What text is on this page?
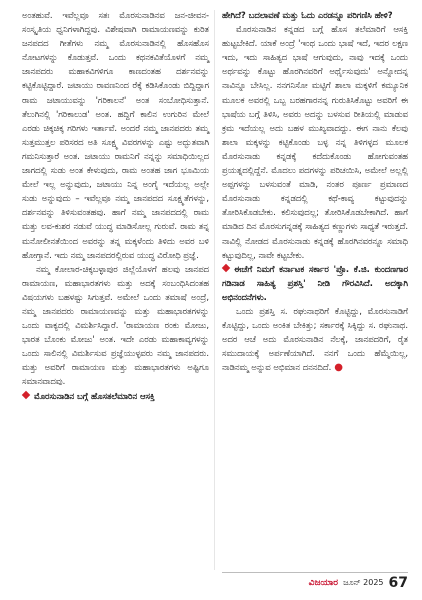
ಅಂತಹುವೆ. ಇವೆಲ್ಲವೂ ಸತಃ ಮೊರಸುನಾಡಿನವ ಜನ-ಜೀವನ-ಸಂಸ್ಕೃತಿಯ ಧ್ವನಿಗಳಾಗಿದ್ದವು. ವಿಶೇಷವಾಗಿ ರಾಮಾಯಣವನ್ನು ಕುರಿತ ಜನಪದದ ಗೀತೆಗಳು ನಮ್ಮ ಮೊರಸುನಾಡಿನಲ್ಲಿ ಹೊಸಹೊಸ ನೋಟಗಳನ್ನು ಕೊಡುತ್ತವೆ. ಒಂದು ಕಥನಕವಿತೆಯೊಳಗೆ ನಮ್ಮ ಜಾನಪದರು ಮಹಾಕವಿಗಳಿಗೂ ಕಾಣದಂತಹ ದರ್ಶನವನ್ನು ಕಟ್ಟಿಕೊಟ್ಟಿದ್ದಾರೆ. ಜಟಾಯು ರಾವಣನಿಂದ ರೆಕ್ಕೆ ಕಡಿಸಿಕೊಂಡು ಬಿದ್ದಿದ್ದಾಗ ರಾಮ ಜಟಾಯುವನ್ನು 'ಗರಿಕಾಲನೆ' ಅಂತ ಸಂಬೋಧಿಸುತ್ತಾನೆ. ತೆಲುಗಿನಲ್ಲಿ 'ಗರಿಕಾಲುಡ' ಅಂತ. ಹದ್ದಿಗೆ ಕಾಲಿನ ಉಗುರಿನ ಮೇಲೆ ಎರಡು ಚಿಕ್ಕಚಿಕ್ಕ ಗರಿಗಳು ಇರ್ತಾವೆ. ಅಂದರೆ ನಮ್ಮ ಜಾನಪದರು ತಮ್ಮ ಸುತ್ತಮುತ್ತಲ ಪರಿಸರದ ಅತಿ ಸೂಕ್ಷ್ಮ ವಿವರಗಳನ್ನು ಎಷ್ಟು ಅದ್ಭುತವಾಗಿ ಗಮನಿಸುತ್ತಾರೆ ಅಂತ. ಜಟಾಯು ರಾಮನಿಗೆ ನನ್ನನ್ನು ಸಮಾಧಿಯಿಲ್ಲದ ಜಾಗದಲ್ಲಿ ಸುಡು ಅಂತ ಕೇಳುವುದು, ರಾಮ ಅಂತಹ ಜಾಗ ಭೂಮಿಯ ಮೇಲೆ ಇಲ್ಲ ಅನ್ನುವುದು, ಜಟಾಯು ನಿನ್ನ ಅಂಗೈ ಇದೆಯಲ್ಲ ಅಲ್ಲೇ ಸುಡು ಅನ್ನುವುದು – ಇವೆಲ್ಲವೂ ನಮ್ಮ ಜಾನಪದದ ಸೂಕ್ಷ್ಮತೆಗಳನ್ನು, ದರ್ಶನವನ್ನು ತಿಳಿಸುವಂತಹವು. ಹಾಗೆ ನಮ್ಮ ಜಾನಪದದಲ್ಲಿ ರಾಮ ಮತ್ತು ಲವ-ಕುಶರ ನಡುವೆ ಯುದ್ಧ ಮಾಡಿಸೋಲ್ಲ ಗುರುವೆ. ರಾಮ ತನ್ನ ಮನೋಲೀನತೆಯಿಂದ ಅವರನ್ನು ತನ್ನ ಮಕ್ಕಳೆಂದು ತಿಳಿದು ಅವರ ಬಳಿ ಹೋಗ್ತಾನೆ. ಇದು ನಮ್ಮ ಜಾನಪದರಲ್ಲಿರುವ ಯುದ್ಧ ವಿರೋಧಿ ಪ್ರಜ್ಞೆ.

ನಮ್ಮ ಕೋಲಾರ-ಚಿಕ್ಕಬಳ್ಳಾಪುರ ಜಿಲ್ಲೆಯೊಳಗೆ ಹಲವು ಜಾನಪದ ರಾಮಾಯಣ, ಮಹಾಭಾರತಗಳು ಮತ್ತು ಅದಕ್ಕೆ ಸಂಬಂಧಿಸಿದಂತಹ ವಿಷಯಗಳು ಬಹಳಷ್ಟು ಸಿಗುತ್ತವೆ. ಅಮೇಲೆ ಒಂದು ತಮಾಷೆ ಅಂದ್ರೆ, ನಮ್ಮ ಜಾನಪದರು ರಾಮಾಯಣವನ್ನು ಮತ್ತು ಮಹಾಭಾರತಗಳನ್ನು ಒಂದು ವಾಕ್ಯದಲ್ಲಿ ವಿಮರ್ಶಿಸಿದ್ದಾರೆ. 'ರಾಮಾಯಣ ರಂಕು ಮೋಜು, ಭಾರತ ಬೊಂಕು ಮೋಜು' ಅಂತ. ಇದೇ ಎರಡು ಮಹಾಕಾವ್ಯಗಳನ್ನು ಒಂದು ಸಾಲಿನಲ್ಲಿ ವಿಮರ್ಶಿಸುವ ಪ್ರಜ್ಞೆಯುಳ್ಳವರು ನಮ್ಮ ಜಾನಪದರು. ಮತ್ತು ಅವರಿಗೆ ರಾಮಾಯಣ ಮತ್ತು ಮಹಾಭಾರತಗಳು ಅಷ್ಟಿಗೂ ಸಮಾನವಾದವು.

ಮೊರಸುನಾಡಿನ ಬಗ್ಗೆ ಹೊಸತಲೆಮಾರಿನ ಆಸಕ್ತಿ

ಹೇಗಿದೆ? ಬದಲಾವಣೆ ಮತ್ತು ಓದು ಎರಡನ್ನೂ ಪರಿಗಣಿಸಿ ಹೇಳಿ?

ಮೊರಸುನಾಡಿನ ಕನ್ನಡದ ಬಗ್ಗೆ ಹೊಸ ತಲೆಮಾರಿಗೆ ಆಸಕ್ತಿ ಹುಟ್ಟಬೇಕಿದೆ. ಯಾಕೆ ಅಂದ್ರೆ 'ಇಂಥ ಒಂದು ಭಾಷೆ ಇದೆ, ಇದರ ಲಕ್ಷಣ ಇದು, ಇದು ಸಾಹಿತ್ಯದ ಭಾಷೆ ಆಗುವುದು, ನಾವು ಇದಕ್ಕೆ ಒಂದು ಅರ್ಥವನ್ನು ಕೊಟ್ಟು ಹೊರಗಿನವರಿಗೆ ಅರ್ಥೈಸುವುದು' ಅನ್ನೋದನ್ನ ನಾವಿನ್ನೂ ಬೇಸಿಲ್ಲ. ನನಗನಿಸೋ ಮಟ್ಟಿಗೆ ಶಾಲಾ ಮಕ್ಕಳಿಗೆ ಕಮ್ಯೂನಿಕ ಮೂಲಕ ಅವರಲ್ಲಿ ಒಬ್ಬ ಬರಹಗಾರನನ್ನ ಗುರುತಿಸಿಕೊಟ್ಟು ಅವರಿಗೆ ಈ ಭಾಷೆಯ ಬಗ್ಗೆ ತಿಳಿಸಿ, ಅವರು ಅದನ್ನು ಬಳಸುವ ರೀತಿಯಲ್ಲಿ ಮಾಡುವ ಕ್ರಮ ಇದೆಯಲ್ಲ ಅದು ಬಹಳ ಮುಖ್ಯವಾದದ್ದು. ಈಗ ನಾನು ಕೆಲವು ಶಾಲಾ ಮಕ್ಕಳನ್ನು ಕಟ್ಟಿಕೊಂಡು ಬಳ್ಳ ನನ್ನ ತಿಳಿಗಳ್ಳದ ಮೂಲಕ ಮೊರಸುನಾಡು ಕನ್ನಡಕ್ಕೆ ಕದೆದುಕೊಂಡು ಹೋಗುವಂತಹ ಪ್ರಯತ್ನದಲ್ಲಿದ್ದೆನೆ. ಮೊದಲು ಪದಗಳನ್ನು ಪರಿಚಯಿಸಿ, ಅಮೇಲೆ ಅಲ್ಲಲ್ಲಿ ಅಪ್ಪಗಳನ್ನು ಬಳಸುವಂತೆ ಮಾಡಿ, ನಂತರ ಪೂರ್ಣ ಪ್ರಮಾಣದ ಮೊರಸುನಾಡು ಕನ್ನಡದಲ್ಲಿ ಕಥೆ-ಕಾವ್ಯ ಕಟ್ಟುವುದನ್ನು ತೋರಿಸಿಕೊಡಬೇಕು. ಕಲಿಸುವುದಲ್ಲ; ತೋರಿಸಿಕೊಡಬೇಕಾಗಿದೆ. ಹಾಗೆ ಮಾಡಿದ ದಿನ ಮೊರಸುಗನ್ನಡಕ್ಕೆ ಸಾಹಿತ್ಯದ ಕಣ್ಣುಗಳು ಸಾಧ್ಯತೆ ಇರುತ್ತದೆ. ನಾವಿಲ್ಲಿ ನೋಡದ ಮೊರಸುನಾಡು ಕನ್ನಡಕ್ಕೆ ಹೊರಗಿನವರನ್ನೂ ಸಮಾಧಿ ಕಟ್ಟುವುದಿಲ್ಲ, ನಾವೇ ಕಟ್ಟಬೇಕು.

ಈಚೆಗೆ ನಿಮಗೆ ಕರ್ನಾಟಕ ಸರ್ಕಾರ 'ಪ್ರೊ. ಕೆ.ಜಿ. ಕುಂದಣಗಾರ ಗಡಿನಾಡ ಸಾಹಿತ್ಯ ಪ್ರಶಸ್ತಿ' ನೀಡಿ ಗೌರವಿಸಿದೆ. ಅದಕ್ಕಾಗಿ ಅಭಿನಂದನೆಗಳು.

ಒಂದು ಪ್ರಶಸ್ತಿ ಸ. ರಘುನಾಥರಿಗೆ ಕೊಟ್ಟಿದ್ದು, ಮೊರಸುನಾಡಿಗೆ ಕೊಟ್ಟಿದ್ದು, ಒಂದು ಅಂಕಿತ ಬೇಕಿತ್ತು; ಸರ್ಕಾರಕ್ಕೆ ಸಿಕ್ಕಿದ್ದು ಸ. ರಘುನಾಥ. ಅದರ ಆಚೆ ಅದು ಮೊರಸುನಾಡಿನ ನೆಲಕ್ಕೆ, ಜಾನಪದರಿಗೆ, ರೈತ ಸಮುದಾಯಕ್ಕೆ ಅರ್ಪಣೆಯಾಗಿದೆ. ನನಗೆ ಒಂದು ಹೆಮ್ಮೆಯಿಲ್ಲ, ನಾಡಿನಮ್ಮ ಅನ್ನುವ ಅಭಿಮಾನ ದನನದಿದೆ. ●

ವಿಜಯಾರ ಜೂನ್ 2025 67
